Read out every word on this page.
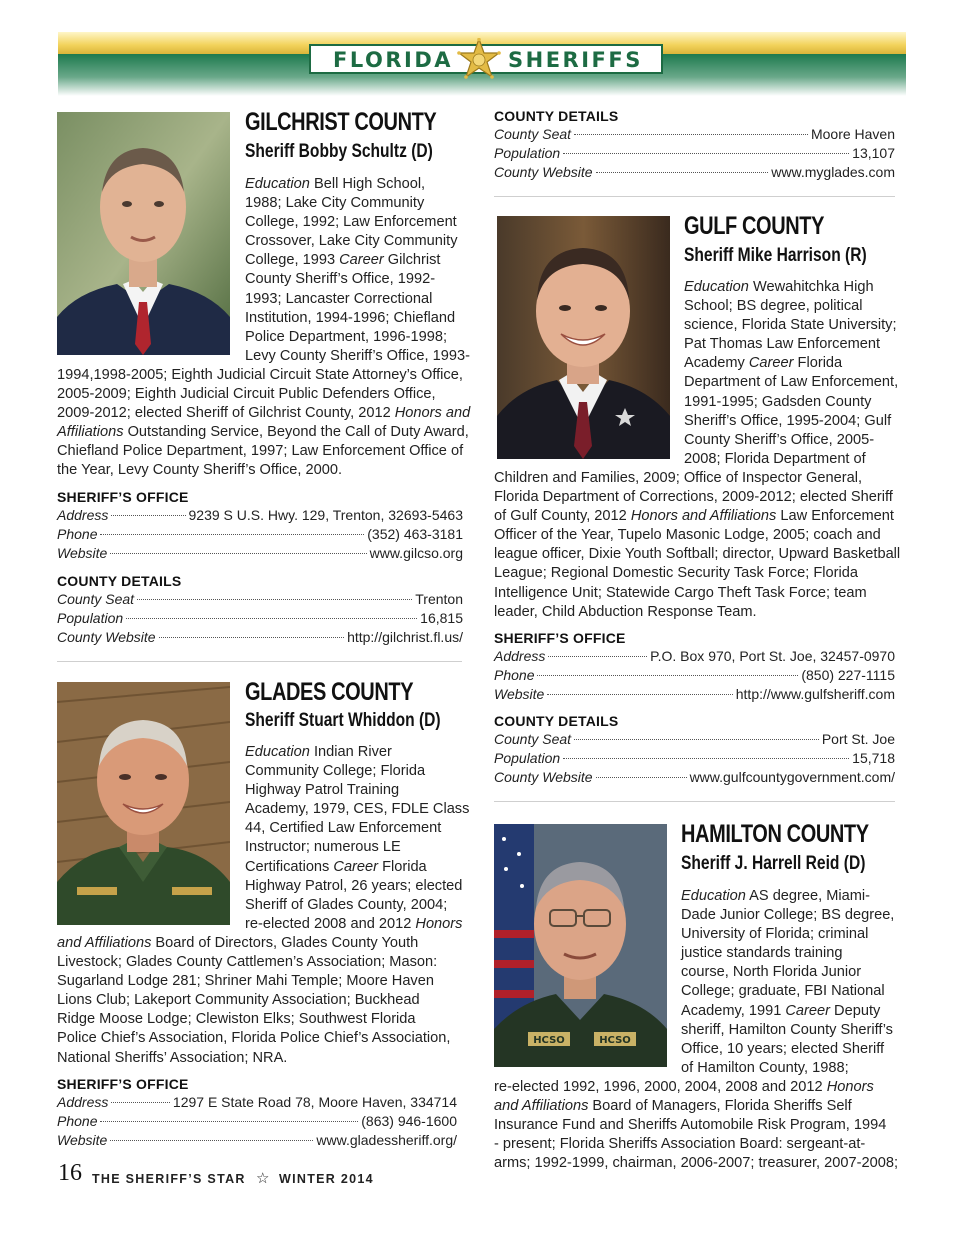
FLORIDA	SHERIFFS
GILCHRIST COUNTY
Sheriff Bobby Schultz (D)
Education Bell High School,
1988; Lake City Community
College, 1992; Law Enforcement
Crossover, Lake City Community
College, 1993 Career Gilchrist
County Sheriff’s Office, 1992-
1993; Lancaster Correctional
Institution, 1994-1996; Chiefland
Police Department, 1996-1998;
Levy County Sheriff’s Office, 1993-
1994,1998-2005; Eighth Judicial Circuit State Attorney’s Office,
2005-2009; Eighth Judicial Circuit Public Defenders Office,
2009-2012; elected Sheriff of Gilchrist County, 2012 Honors and
Affiliations Outstanding Service, Beyond the Call of Duty Award,
Chiefland Police Department, 1997; Law Enforcement Office of
the Year, Levy County Sheriff’s Office, 2000.
SHERIFF’S OFFICE
Address	9239 S U.S. Hwy. 129, Trenton, 32693-5463
Phone	(352) 463-3181
Website	www.gilcso.org
COUNTY DETAILS
County Seat	Trenton
Population	16,815
County Website	http://gilchrist.fl.us/
GLADES COUNTY
Sheriff Stuart Whiddon (D)
Education Indian River
Community College; Florida
Highway Patrol Training
Academy, 1979, CES, FDLE Class
44, Certified Law Enforcement
Instructor; numerous LE
Certifications Career Florida
Highway Patrol, 26 years; elected
Sheriff of Glades County, 2004;
re-elected 2008 and 2012 Honors
and Affiliations Board of Directors, Glades County Youth
Livestock; Glades County Cattlemen’s Association; Mason:
Sugarland Lodge 281; Shriner Mahi Temple; Moore Haven
Lions Club; Lakeport Community Association; Buckhead
Ridge Moose Lodge; Clewiston Elks; Southwest Florida
Police Chief’s Association, Florida Police Chief’s Association,
National Sheriffs’ Association; NRA.
SHERIFF’S OFFICE
Address	1297 E State Road 78, Moore Haven, 334714
Phone	(863) 946-1600
Website	www.gladessheriff.org/
COUNTY DETAILS
County Seat	Moore Haven
Population	13,107
County Website	www.myglades.com
GULF COUNTY
Sheriff Mike Harrison (R)
Education Wewahitchka High
School; BS degree, political
science, Florida State University;
Pat Thomas Law Enforcement
Academy Career Florida
Department of Law Enforcement,
1991-1995; Gadsden County
Sheriff’s Office, 1995-2004; Gulf
County Sheriff’s Office, 2005-
2008; Florida Department of
Children and Families, 2009; Office of Inspector General,
Florida Department of Corrections, 2009-2012; elected Sheriff
of Gulf County, 2012 Honors and Affiliations Law Enforcement
Officer of the Year, Tupelo Masonic Lodge, 2005; coach and
league officer, Dixie Youth Softball; director, Upward Basketball
League; Regional Domestic Security Task Force; Florida
Intelligence Unit; Statewide Cargo Theft Task Force; team
leader, Child Abduction Response Team.
SHERIFF’S OFFICE
Address	P.O. Box 970, Port St. Joe, 32457-0970
Phone	(850) 227-1115
Website	http://www.gulfsheriff.com
COUNTY DETAILS
County Seat	Port St. Joe
Population	15,718
County Website	www.gulfcountygovernment.com/
HCSO	HCSO
HAMILTON COUNTY
Sheriff J. Harrell Reid (D)
Education AS degree, Miami-
Dade Junior College; BS degree,
University of Florida; criminal
justice standards training
course, North Florida Junior
College; graduate, FBI National
Academy, 1991 Career Deputy
sheriff, Hamilton County Sheriff’s
Office, 10 years; elected Sheriff
of Hamilton County, 1988;
re-elected 1992, 1996, 2000, 2004, 2008 and 2012 Honors
and Affiliations Board of Managers, Florida Sheriffs Self
Insurance Fund and Sheriffs Automobile Risk Program, 1994
- present; Florida Sheriffs Association Board: sergeant-at-
arms; 1992-1999, chairman, 2006-2007; treasurer, 2007-2008;
16 THE SHERIFF’S STAR ☆ WINTER 2014
